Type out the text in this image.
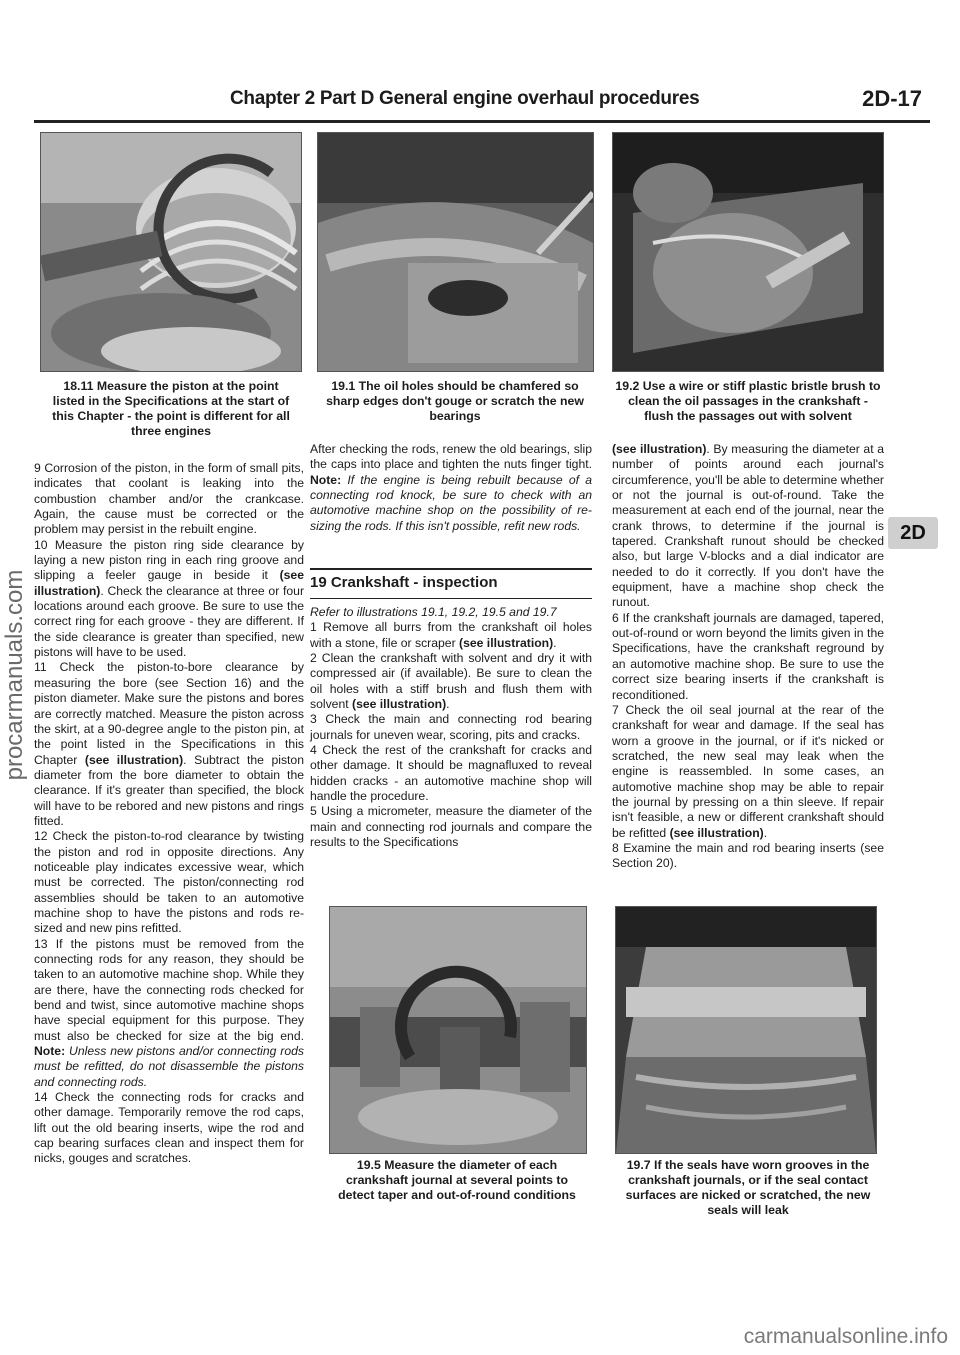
Chapter 2 Part D General engine overhaul procedures	2D-17
18.11 Measure the piston at the point listed in the Specifications at the start of this Chapter - the point is different for all three engines
19.1 The oil holes should be chamfered so sharp edges don't gouge or scratch the new bearings
19.2 Use a wire or stiff plastic bristle brush to clean the oil passages in the crankshaft - flush the passages out with solvent

9 Corrosion of the piston, in the form of small pits, indicates that coolant is leaking into the combustion chamber and/or the crankcase. Again, the cause must be corrected or the problem may persist in the rebuilt engine.

10 Measure the piston ring side clearance by laying a new piston ring in each ring groove and slipping a feeler gauge in beside it (see illustration). Check the clearance at three or four locations around each groove. Be sure to use the correct ring for each groove - they are different. If the side clearance is greater than specified, new pistons will have to be used.

11 Check the piston-to-bore clearance by measuring the bore (see Section 16) and the piston diameter. Make sure the pistons and bores are correctly matched. Measure the piston across the skirt, at a 90-degree angle to the piston pin, at the point listed in the Specifications in this Chapter (see illustration). Subtract the piston diameter from the bore diameter to obtain the clearance. If it's greater than specified, the block will have to be rebored and new pistons and rings fitted.

12 Check the piston-to-rod clearance by twisting the piston and rod in opposite directions. Any noticeable play indicates excessive wear, which must be corrected. The piston/connecting rod assemblies should be taken to an automotive machine shop to have the pistons and rods re-sized and new pins refitted.

13 If the pistons must be removed from the connecting rods for any reason, they should be taken to an automotive machine shop. While they are there, have the connecting rods checked for bend and twist, since automotive machine shops have special equipment for this purpose. They must also be checked for size at the big end. Note: Unless new pistons and/or connecting rods must be refitted, do not disassemble the pistons and connecting rods.

14 Check the connecting rods for cracks and other damage. Temporarily remove the rod caps, lift out the old bearing inserts, wipe the rod and cap bearing surfaces clean and inspect them for nicks, gouges and scratches.

After checking the rods, renew the old bearings, slip the caps into place and tighten the nuts finger tight. Note: If the engine is being rebuilt because of a connecting rod knock, be sure to check with an automotive machine shop on the possibility of re-sizing the rods. If this isn't possible, refit new rods.

19 Crankshaft - inspection

Refer to illustrations 19.1, 19.2, 19.5 and 19.7

1 Remove all burrs from the crankshaft oil holes with a stone, file or scraper (see illustration).

2 Clean the crankshaft with solvent and dry it with compressed air (if available). Be sure to clean the oil holes with a stiff brush and flush them with solvent (see illustration).

3 Check the main and connecting rod bearing journals for uneven wear, scoring, pits and cracks.

4 Check the rest of the crankshaft for cracks and other damage. It should be magnafluxed to reveal hidden cracks - an automotive machine shop will handle the procedure.

5 Using a micrometer, measure the diameter of the main and connecting rod journals and compare the results to the Specifications

(see illustration). By measuring the diameter at a number of points around each journal's circumference, you'll be able to determine whether or not the journal is out-of-round. Take the measurement at each end of the journal, near the crank throws, to determine if the journal is tapered. Crankshaft runout should be checked also, but large V-blocks and a dial indicator are needed to do it correctly. If you don't have the equipment, have a machine shop check the runout.

6 If the crankshaft journals are damaged, tapered, out-of-round or worn beyond the limits given in the Specifications, have the crankshaft reground by an automotive machine shop. Be sure to use the correct size bearing inserts if the crankshaft is reconditioned.

7 Check the oil seal journal at the rear of the crankshaft for wear and damage. If the seal has worn a groove in the journal, or if it's nicked or scratched, the new seal may leak when the engine is reassembled. In some cases, an automotive machine shop may be able to repair the journal by pressing on a thin sleeve. If repair isn't feasible, a new or different crankshaft should be refitted (see illustration).

8 Examine the main and rod bearing inserts (see Section 20).

2D
19.5 Measure the diameter of each crankshaft journal at several points to detect taper and out-of-round conditions
19.7 If the seals have worn grooves in the crankshaft journals, or if the seal contact surfaces are nicked or scratched, the new seals will leak
procarmanuals.com
carmanualsonline.info
